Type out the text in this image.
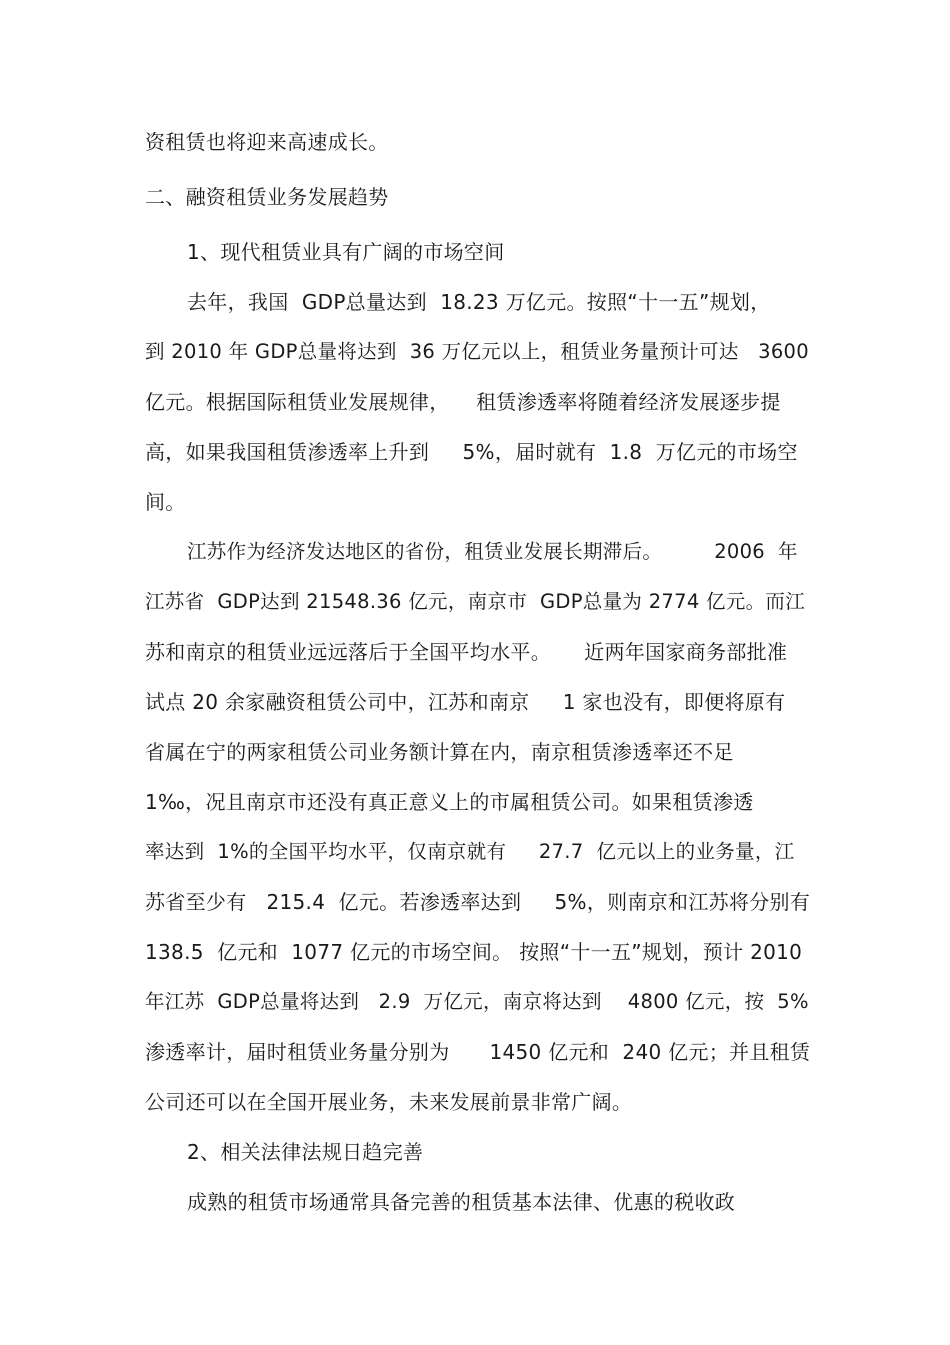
资租赁也将迎来高速成长。
二、融资租赁业务发展趋势
1、现代租赁业具有广阔的市场空间
去年，我国  GDP总量达到  18.23 万亿元。按照“十一五”规划，
到 2010 年 GDP总量将达到  36 万亿元以上，租赁业务量预计可达   3600
亿元。根据国际租赁业发展规律，    租赁渗透率将随着经济发展逐步提
高，如果我国租赁渗透率上升到     5%，届时就有  1.8  万亿元的市场空
间。
江苏作为经济发达地区的省份，租赁业发展长期滞后。        2006  年
江苏省  GDP达到 21548.36 亿元，南京市  GDP总量为 2774 亿元。而江
苏和南京的租赁业远远落后于全国平均水平。     近两年国家商务部批准
试点 20 余家融资租赁公司中，江苏和南京     1 家也没有，即便将原有
省属在宁的两家租赁公司业务额计算在内，南京租赁渗透率还不足
1‰，况且南京市还没有真正意义上的市属租赁公司。如果租赁渗透
率达到  1%的全国平均水平，仅南京就有     27.7  亿元以上的业务量，江
苏省至少有   215.4  亿元。若渗透率达到     5%，则南京和江苏将分别有
138.5  亿元和  1077 亿元的市场空间。 按照“十一五”规划，预计 2010
年江苏  GDP总量将达到   2.9  万亿元，南京将达到    4800 亿元，按  5%
渗透率计，届时租赁业务量分别为      1450 亿元和  240 亿元；并且租赁
公司还可以在全国开展业务，未来发展前景非常广阔。
2、相关法律法规日趋完善
成熟的租赁市场通常具备完善的租赁基本法律、优惠的税收政
